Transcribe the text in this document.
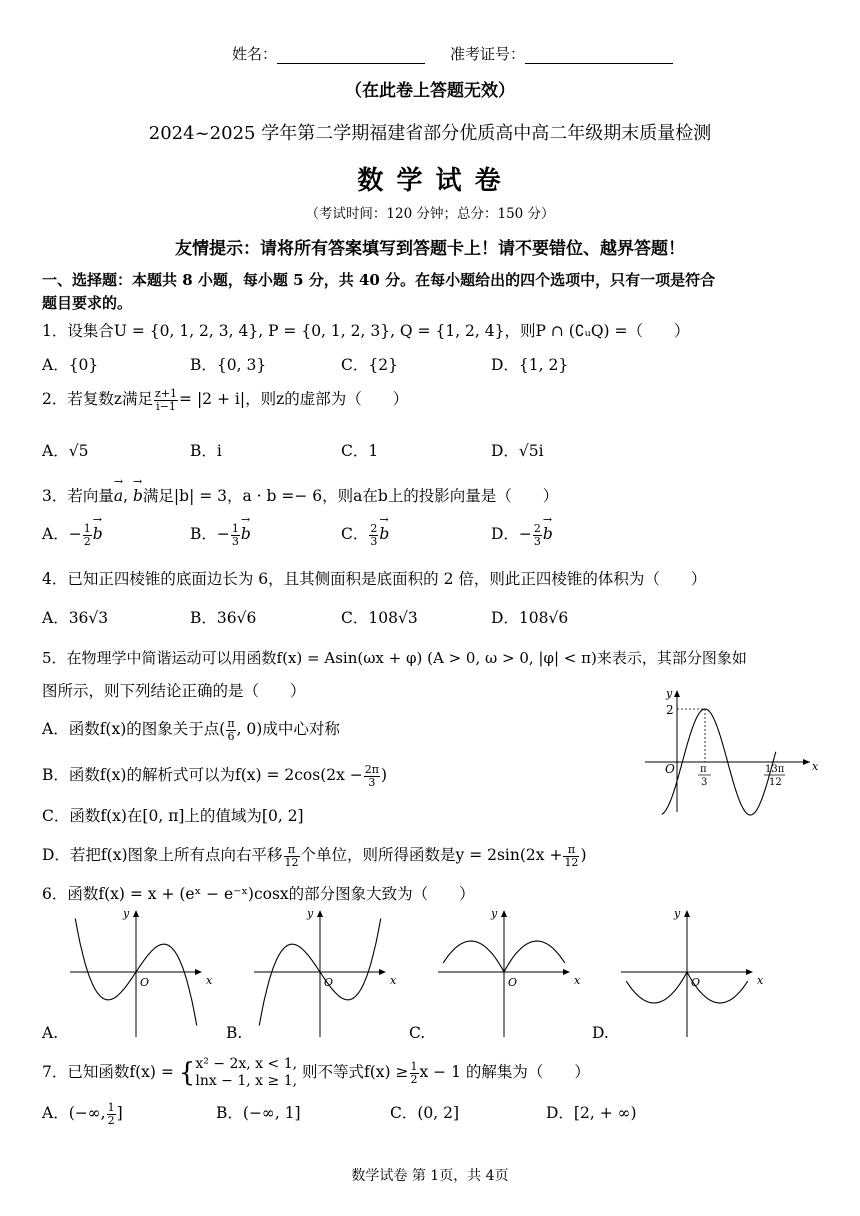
姓名：	准考证号：
（在此卷上答题无效）
2024~2025 学年第二学期福建省部分优质高中高二年级期末质量检测
数 学 试 卷
（考试时间：120 分钟；总分：150 分）
友情提示：请将所有答案填写到答题卡上！请不要错位、越界答题！
一、选择题：本题共 8 小题，每小题 5 分，共 40 分。在每小题给出的四个选项中，只有一项是符合
题目要求的。
1．设集合U = {0, 1, 2, 3, 4}, P = {0, 1, 2, 3}, Q = {1, 2, 4}，则P ∩ (∁ᵤQ) =（　　）
A．{0}	B．{0, 3}	C．{2}	D．{1, 2}
2．若复数z满足 $\frac{z+1}{i-1} = |2 + i|$，则z的虚部为（　　）
A．√5	B．i	C．1	D．√5i
3．若向量→ a, → b满足|b| = 3，a · b =− 6，则a在b上的投影向量是（　　）
A．− $\frac{1}{2}$
→ b	B．− $\frac{1}{3}$
→ b	C． $\frac{2}{3}$
→ b	D．− $\frac{2}{3}$
→ b
4．已知正四棱锥的底面边长为 6，且其侧面积是底面积的 2 倍，则此正四棱锥的体积为（　　）
A．36√3	B．36√6	C．108√3	D．108√6
5．在物理学中简谐运动可以用函数f(x) = Asin(ωx + φ) (A > 0, ω > 0, |φ| < π)来表示，其部分图象如
图所示，则下列结论正确的是（　　）
A．函数f(x)的图象关于点( $\frac{\pi}{6}$ , 0)成中心对称
B．函数f(x)的解析式可以为$f(x) = 2\cos(2x - \frac{2\pi}{3}$ )
C．函数f(x)在[0, π]上的值域为[0, 2]
D．若把f(x)图象上所有点向右平移 $\frac{\pi}{12}$ 个单位，则所得函数是$y = 2\sin(2x + \frac{\pi}{12}$ )
y
x
O
2
π
3
13π
12
6．函数f(x) = x + (eˣ − e⁻ˣ)cosx的部分图象大致为（　　）
y
x
O
y
x
O
y
x
O
y
x
O
A.	B.	C.	D.
7．已知函数f(x) = { x² − 2x, x < 1,
lnx − 1, x ≥ 1, 则不等式$f(x) \ge \frac{1}{2}$ x − 1 的解集为（　　）
A．(−∞, $\frac{1}{2}$ ]	B．(−∞, 1]	C．(0, 2]	D．[2, + ∞)
数学试卷 第 1页，共 4页
